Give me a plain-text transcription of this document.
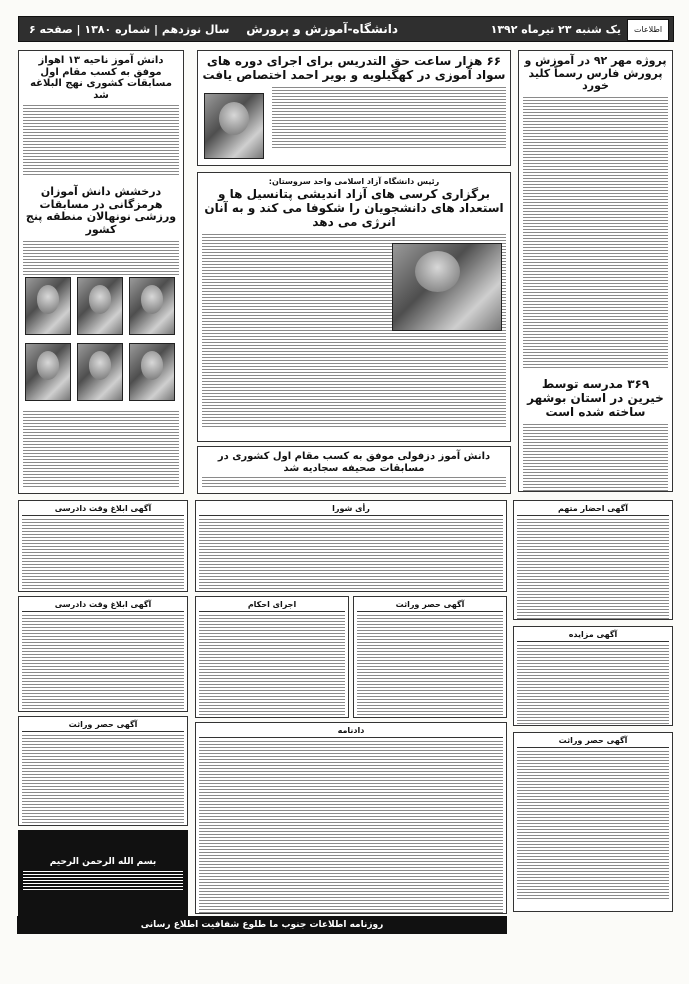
اطلاعات
یک شنبه ۲۳ تیرماه ۱۳۹۲
دانشگاه-آموزش و پرورش
سال نوزدهم | شماره ۱۳۸۰ | صفحه ۶
پروژه مهر ۹۲ در آموزش و پرورش فارس رسماً کلید خورد
۳۶۹ مدرسه توسط خیرین در استان بوشهر ساخته شده است
۶۶ هزار ساعت حق التدریس برای اجرای دوره های سواد آموزی در کهگیلویه و بویر احمد اختصاص یافت
رئیس دانشگاه آزاد اسلامی واحد سروستان:
برگزاری کرسی های آزاد اندیشی پتانسیل ها و استعداد های دانشجویان را شکوفا می کند و به آنان انرژی می دهد
دانش آموز دزفولی موفق به کسب مقام اول کشوری در مسابقات صحیفه سجادیه شد
دانش آموز ناحیه ۱۳ اهواز موفق به کسب مقام اول مسابقات کشوری نهج البلاغه شد
درخشش دانش آموزان هرمزگانی در مسابقات ورزشی نونهالان منطقه پنج کشور
آگهی احضار متهم
رأی شورا
آگهی ابلاغ وقت دادرسی
آگهی مزایده
آگهی حصر وراثت
اجرای احکام
آگهی ابلاغ وقت دادرسی
آگهی حصر وراثت
دادنامه
آگهی حصر وراثت
روزنامه اطلاعات جنوب ما طلوع شفافیت اطلاع رسانی
بسم الله الرحمن الرحیم
